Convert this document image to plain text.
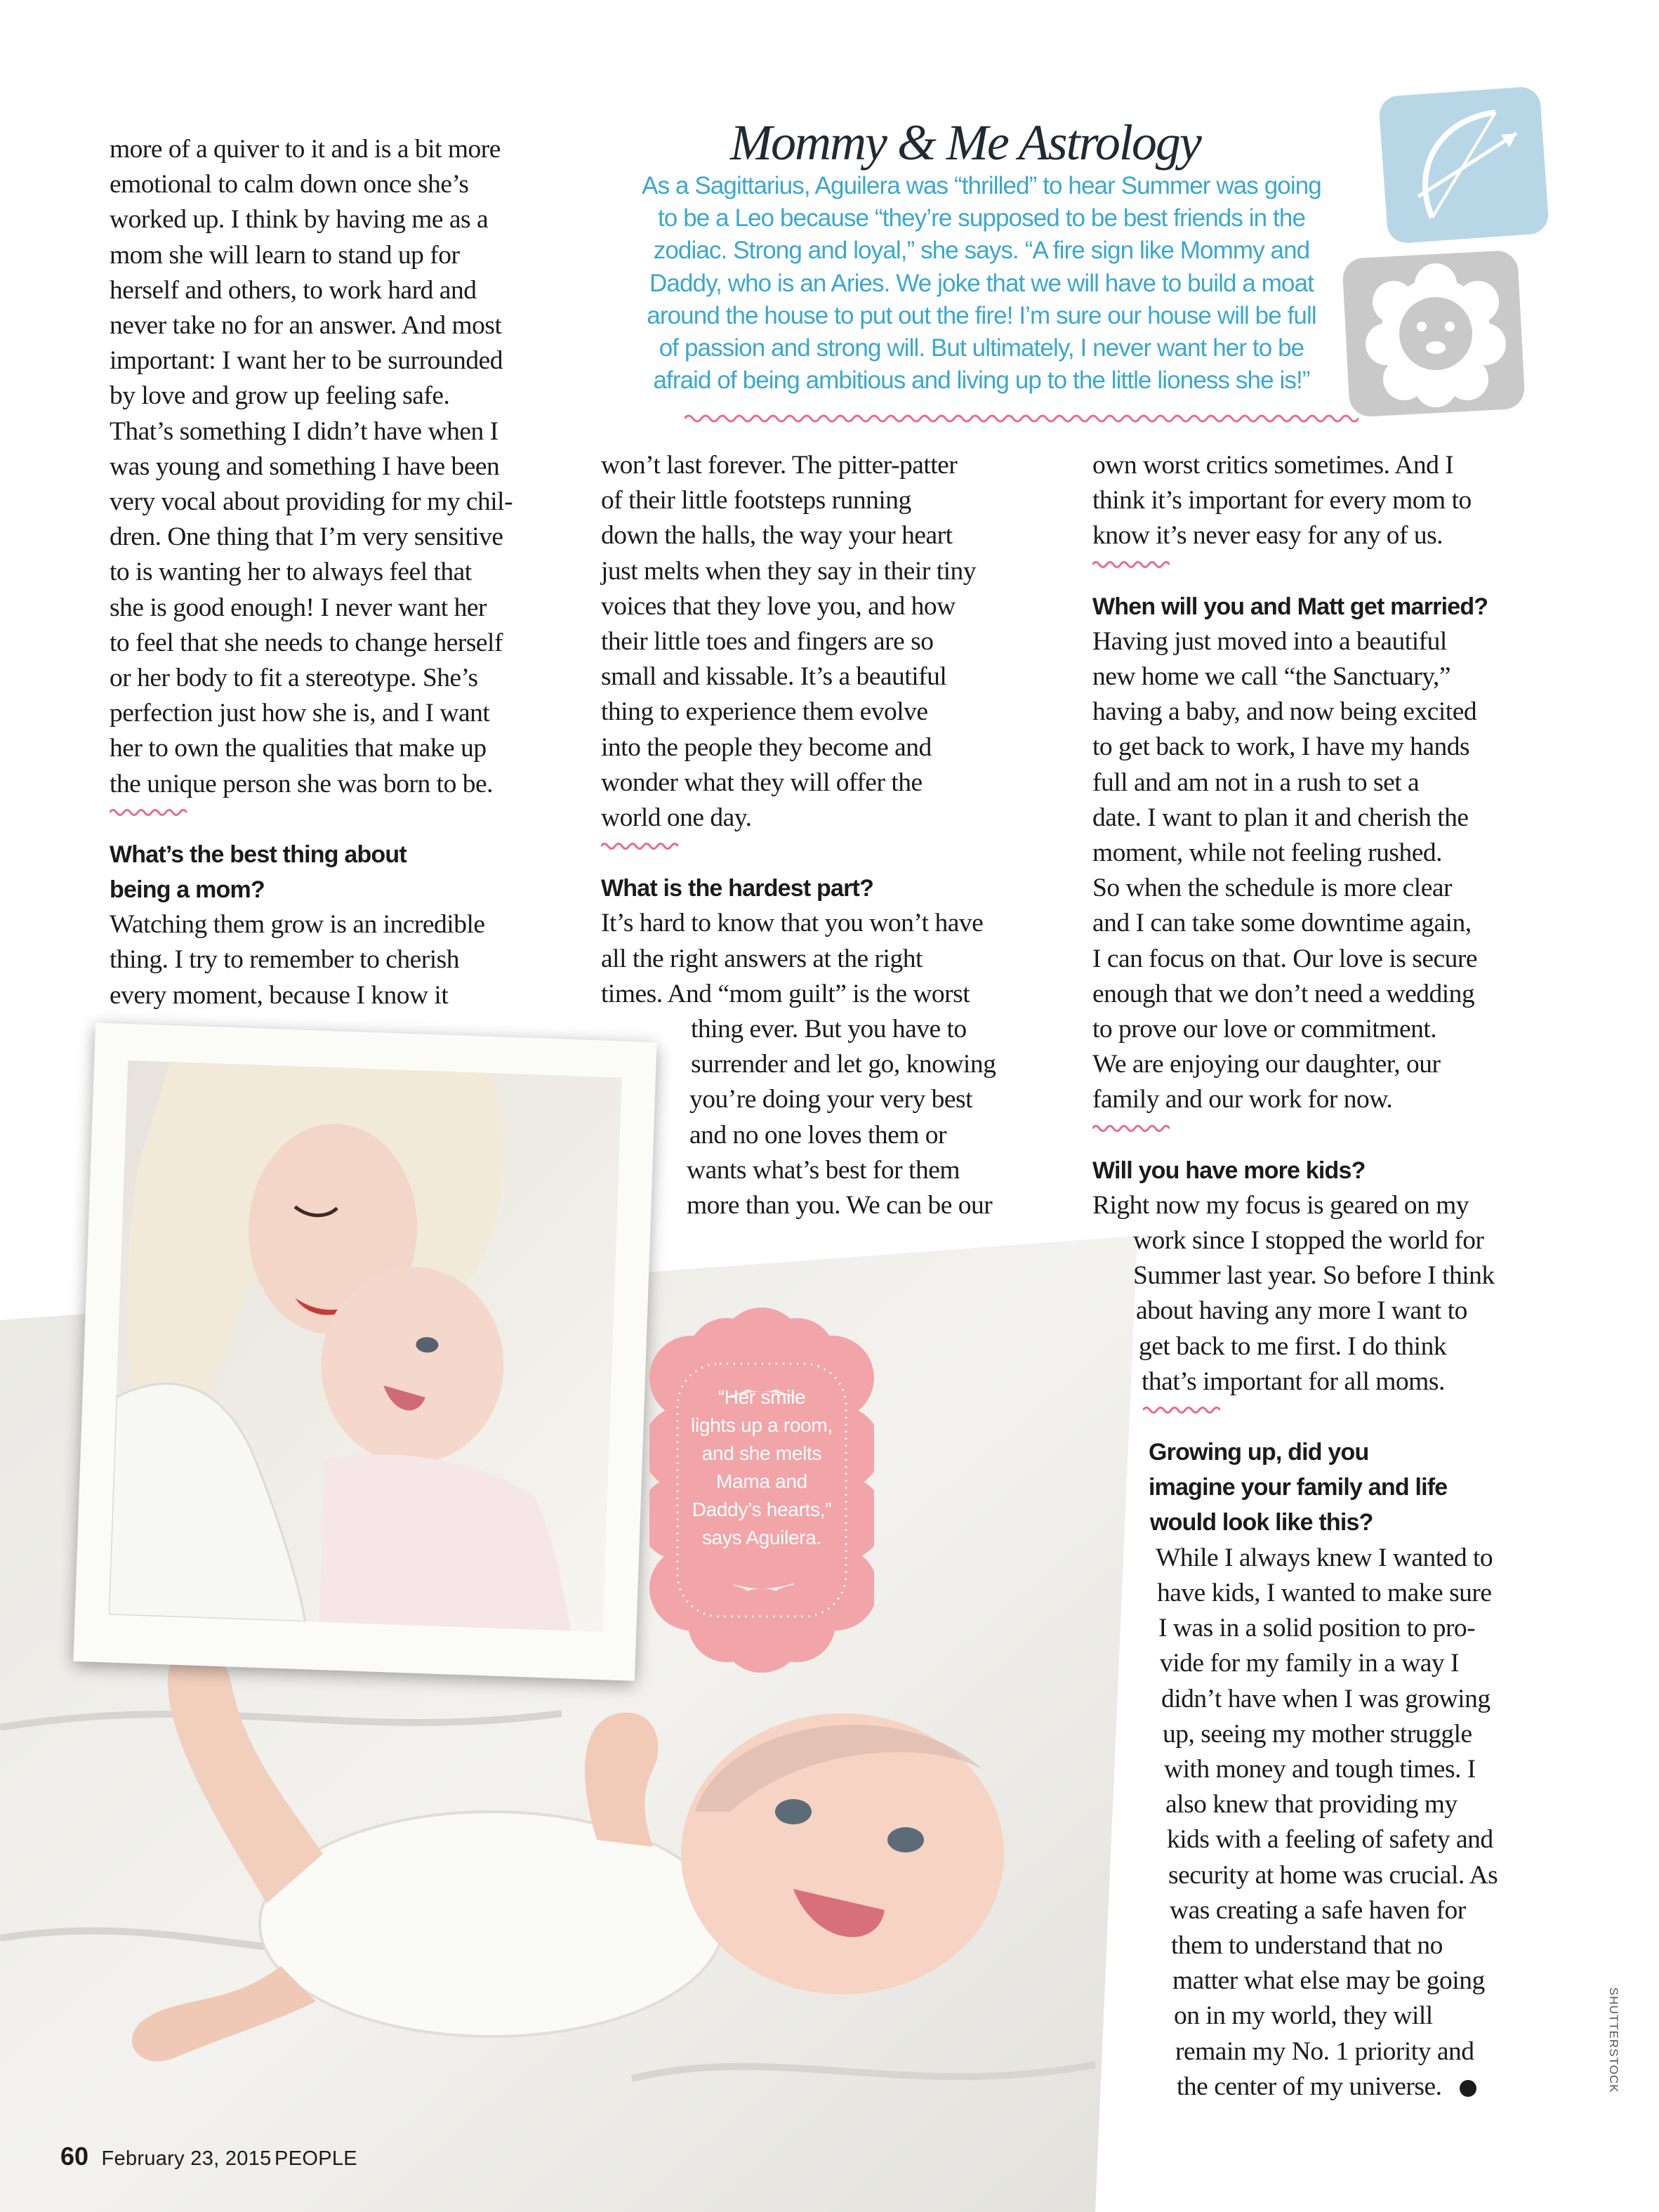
“Her smile
lights up a room,
and she melts
Mama and
Daddy’s hearts,”
says Aguilera.
Mommy & Me Astrology
As a Sagittarius, Aguilera was “thrilled” to hear Summer was going
to be a Leo because “they’re supposed to be best friends in the
zodiac. Strong and loyal,” she says. “A fire sign like Mommy and
Daddy, who is an Aries. We joke that we will have to build a moat
around the house to put out the fire! I’m sure our house will be full
of passion and strong will. But ultimately, I never want her to be
afraid of being ambitious and living up to the little lioness she is!”

more of a quiver to it and is a bit more
emotional to calm down once she’s
worked up. I think by having me as a
mom she will learn to stand up for
herself and others, to work hard and
never take no for an answer. And most
important: I want her to be surrounded
by love and grow up feeling safe.
That’s something I didn’t have when I
was young and something I have been
very vocal about providing for my chil-
dren. One thing that I’m very sensitive
to is wanting her to always feel that
she is good enough! I never want her
to feel that she needs to change herself
or her body to fit a stereotype. She’s
perfection just how she is, and I want
her to own the qualities that make up
the unique person she was born to be.

What’s the best thing about
being a mom?

Watching them grow is an incredible
thing. I try to remember to cherish
every moment, because I know it

won’t last forever. The pitter-patter
of their little footsteps running
down the halls, the way your heart
just melts when they say in their tiny
voices that they love you, and how
their little toes and fingers are so
small and kissable. It’s a beautiful
thing to experience them evolve
into the people they become and
wonder what they will offer the
world one day.

What is the hardest part?

It’s hard to know that you won’t have
all the right answers at the right
times. And “mom guilt” is the worst
thing ever. But you have to
surrender and let go, knowing
you’re doing your very best
and no one loves them or
wants what’s best for them
more than you. We can be our

own worst critics sometimes. And I
think it’s important for every mom to
know it’s never easy for any of us.

When will you and Matt get married?

Having just moved into a beautiful
new home we call “the Sanctuary,”
having a baby, and now being excited
to get back to work, I have my hands
full and am not in a rush to set a
date. I want to plan it and cherish the
moment, while not feeling rushed.
So when the schedule is more clear
and I can take some downtime again,
I can focus on that. Our love is secure
enough that we don’t need a wedding
to prove our love or commitment.
We are enjoying our daughter, our
family and our work for now.

Will you have more kids?

Right now my focus is geared on my
work since I stopped the world for
Summer last year. So before I think
about having any more I want to
get back to me first. I do think
that’s important for all moms.

Growing up, did you
imagine your family and life
would look like this?

While I always knew I wanted to
have kids, I wanted to make sure
I was in a solid position to pro-
vide for my family in a way I
didn’t have when I was growing
up, seeing my mother struggle
with money and tough times. I
also knew that providing my
kids with a feeling of safety and
security at home was crucial. As
was creating a safe haven for
them to understand that no
matter what else may be going
on in my world, they will
remain my No. 1 priority and
the center of my universe.

60 February 23, 2015 PEOPLE
SHUTTERSTOCK
